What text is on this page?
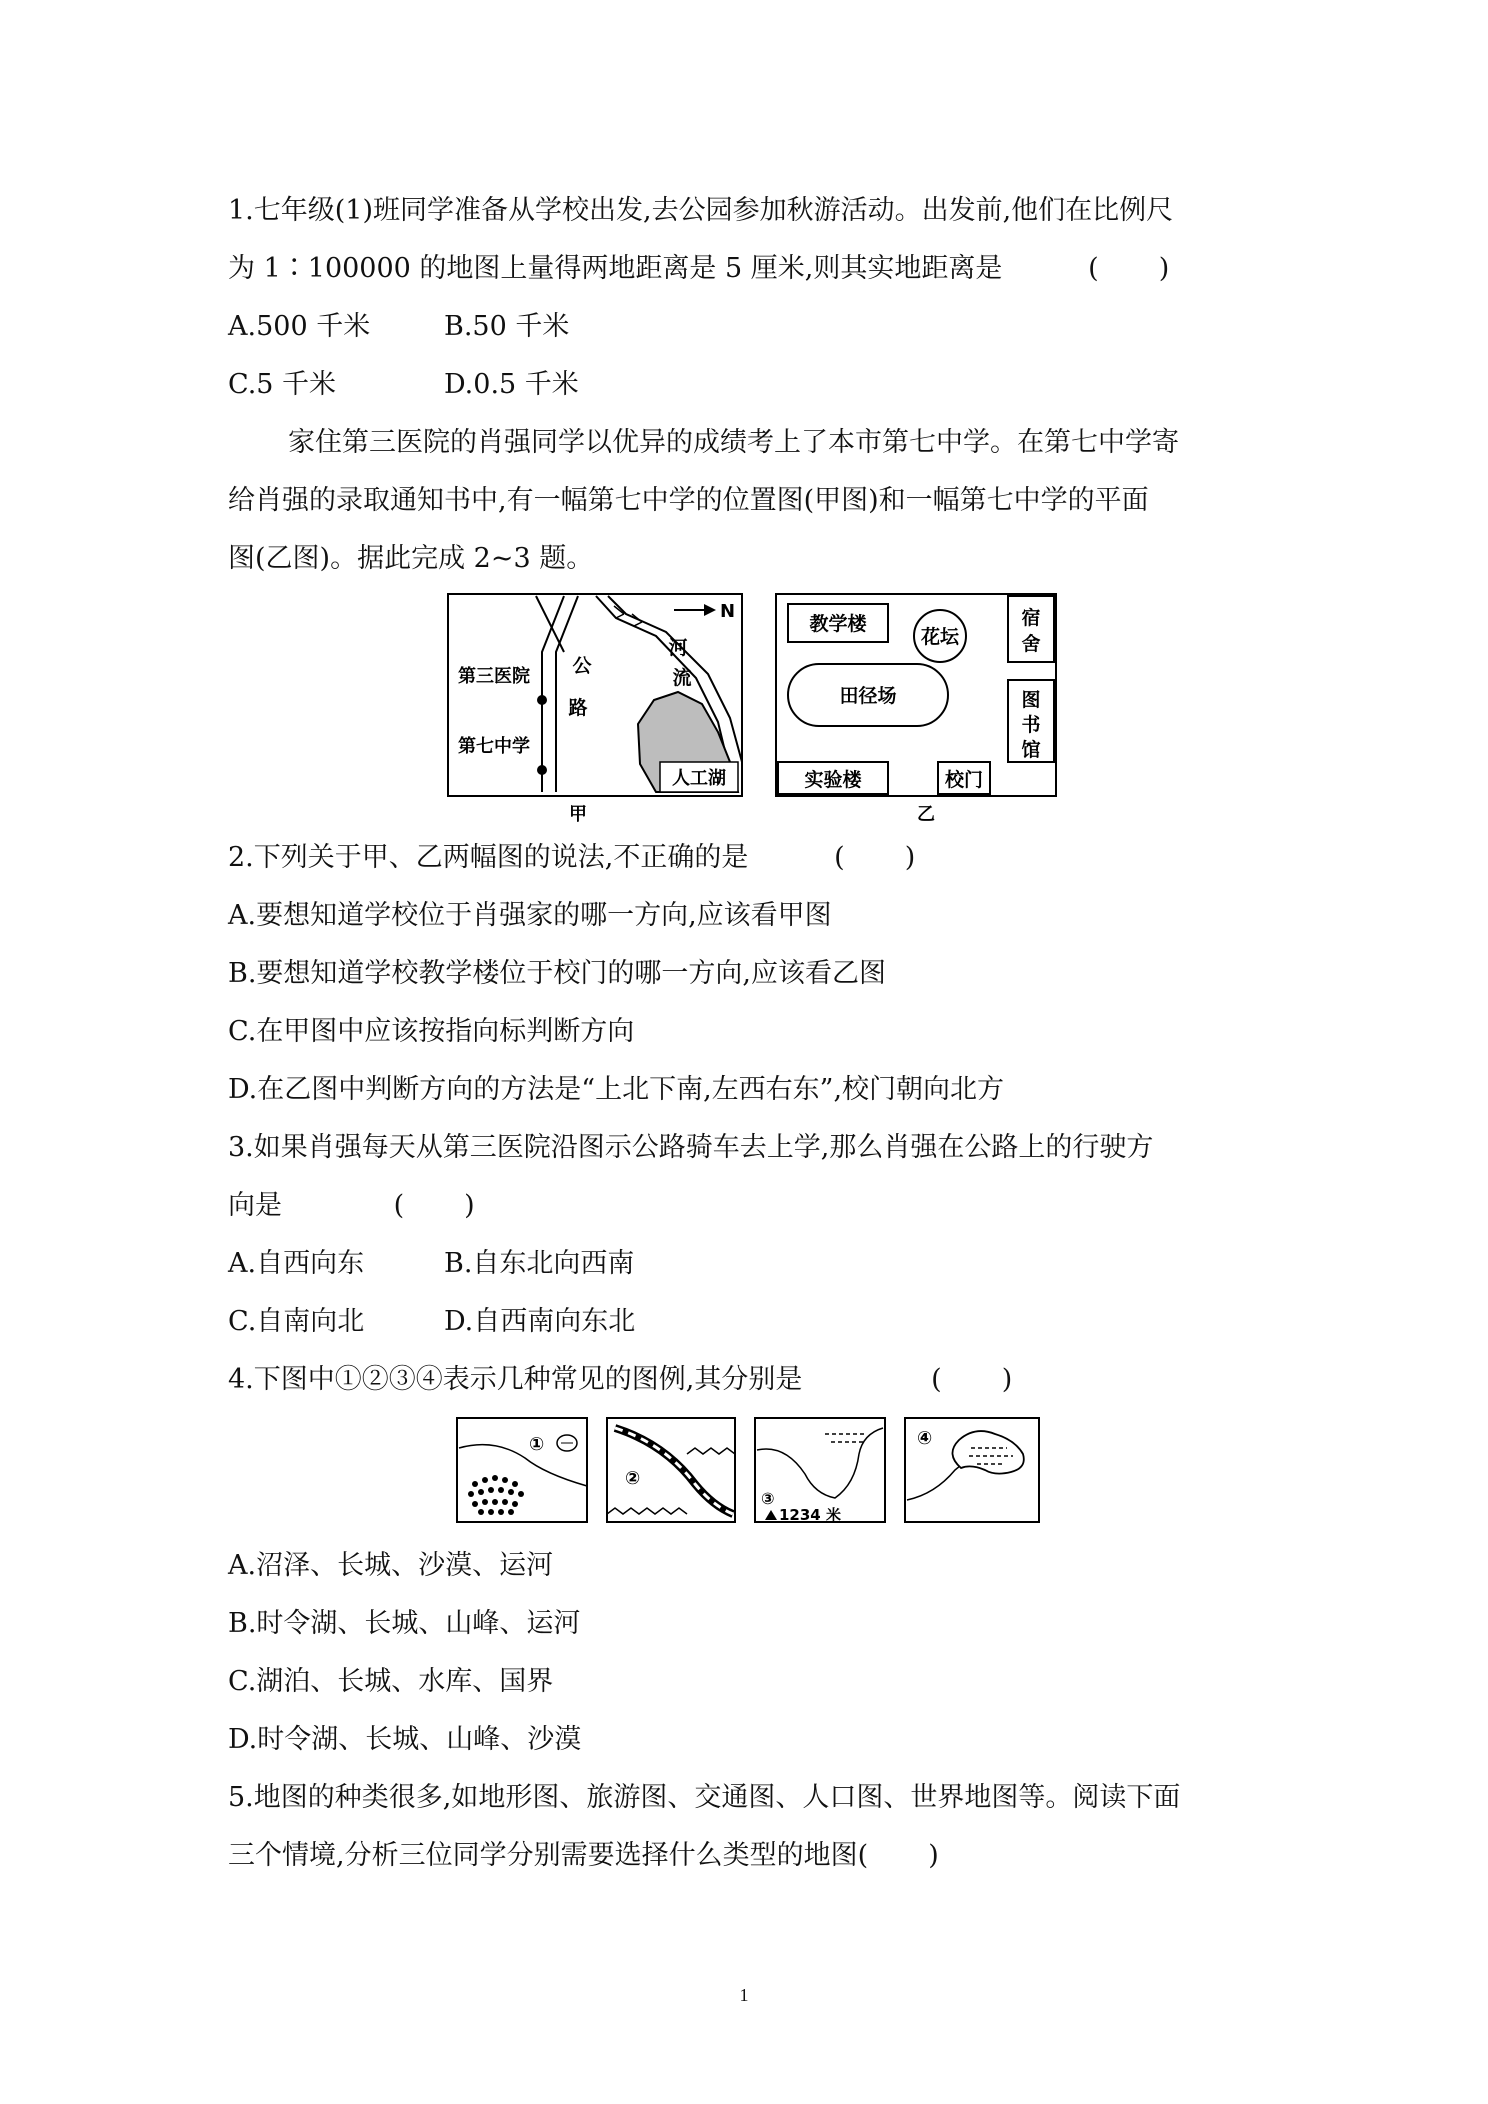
1.七年级(1)班同学准备从学校出发,去公园参加秋游活动。出发前,他们在比例尺
为 1∶100000 的地图上量得两地距离是 5 厘米,则其实地距离是          (       )
A.500 千米	B.50 千米
C.5 千米	D.0.5 千米
家住第三医院的肖强同学以优异的成绩考上了本市第七中学。在第七中学寄
给肖强的录取通知书中,有一幅第七中学的位置图(甲图)和一幅第七中学的平面
图(乙图)。据此完成 2~3 题。
N
人工湖
公
路
河
流
第三医院
第七中学
甲
教学楼
花坛
宿
舍
田径场	图
书
馆
实验楼	校门
乙
2.下列关于甲、乙两幅图的说法,不正确的是          (       )
A.要想知道学校位于肖强家的哪一方向,应该看甲图
B.要想知道学校教学楼位于校门的哪一方向,应该看乙图
C.在甲图中应该按指向标判断方向
D.在乙图中判断方向的方法是“上北下南,左西右东”,校门朝向北方
3.如果肖强每天从第三医院沿图示公路骑车去上学,那么肖强在公路上的行驶方
向是             (       )
A.自西向东	B.自东北向西南
C.自南向北	D.自西南向东北
4.下图中①②③④表示几种常见的图例,其分别是               (       )
①
②
③
1234 米
④
A.沼泽、长城、沙漠、运河
B.时令湖、长城、山峰、运河
C.湖泊、长城、水库、国界
D.时令湖、长城、山峰、沙漠
5.地图的种类很多,如地形图、旅游图、交通图、人口图、世界地图等。阅读下面
三个情境,分析三位同学分别需要选择什么类型的地图(       )
1
